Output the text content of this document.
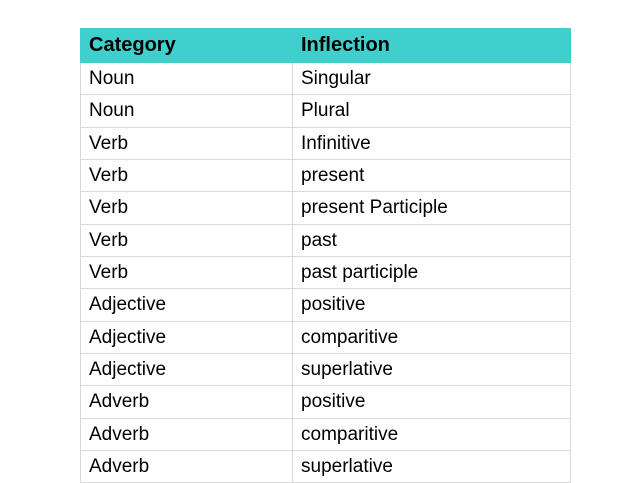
Category	Inflection
Noun	Singular
Noun	Plural
Verb	Infinitive
Verb	present
Verb	present Participle
Verb	past
Verb	past participle
Adjective	positive
Adjective	comparitive
Adjective	superlative
Adverb	positive
Adverb	comparitive
Adverb	superlative
